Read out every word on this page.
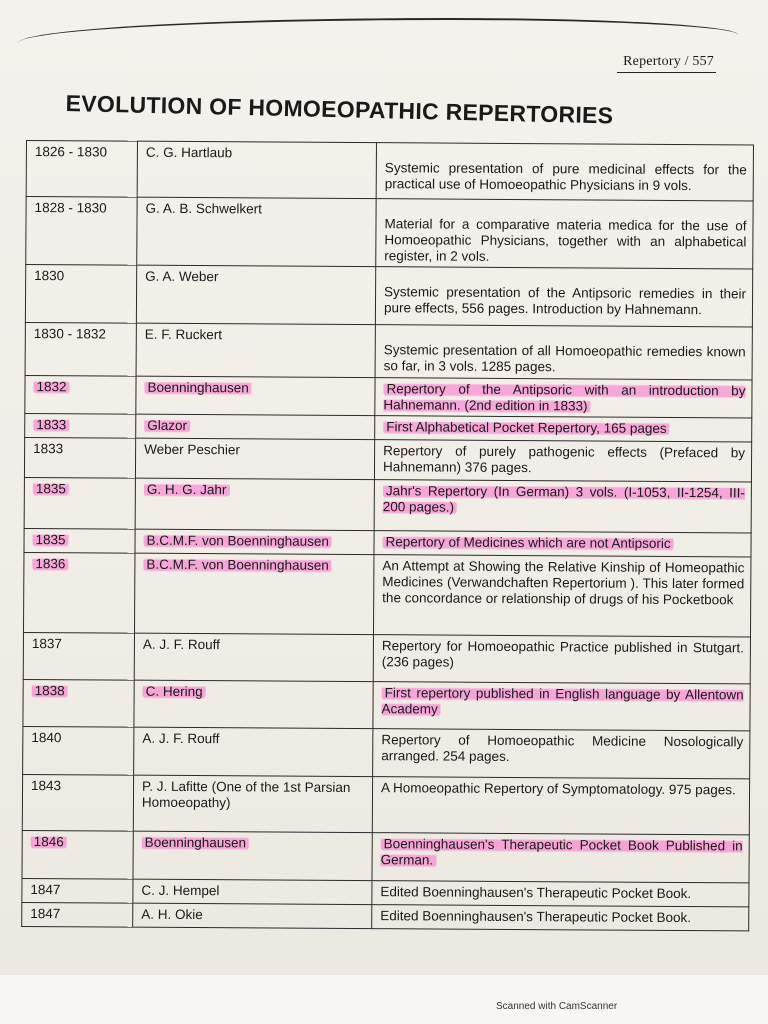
Repertory / 557
EVOLUTION OF HOMOEOPATHIC REPERTORIES
1826 - 1830	C. G. Hartlaub	Systemic presentation of pure medicinal effects for the practical use of Homoeopathic Physicians in 9 vols.

1828 - 1830	G. A. B. Schwelkert	Material for a comparative materia medica for the use of Homoeopathic Physicians, together with an alphabetical register, in 2 vols.

1830	G. A. Weber	Systemic presentation of the Antipsoric remedies in their pure effects, 556 pages. Introduction by Hahnemann.

1830 - 1832	E. F. Ruckert	Systemic presentation of all Homoeopathic remedies known so far, in 3 vols. 1285 pages.

1832	Boenninghausen	Repertory of the Antipsoric with an introduction by Hahnemann. (2nd edition in 1833)

1833	Glazor	First Alphabetical Pocket Repertory, 165 pages

1833	Weber Peschier	Repertory of purely pathogenic effects (Prefaced by Hahnemann) 376 pages.

1835	G. H. G. Jahr	Jahr's Repertory (In German) 3 vols. (I-1053, II-1254, III-200 pages.)

1835	B.C.M.F. von Boenninghausen	Repertory of Medicines which are not Antipsoric

1836	B.C.M.F. von Boenninghausen	An Attempt at Showing the Relative Kinship of Homeopathic Medicines (Verwandchaften Repertorium ). This later formed the concordance or relationship of drugs of his Pocketbook

1837	A. J. F. Rouff	Repertory for Homoeopathic Practice published in Stutgart. (236 pages)

1838	C. Hering	First repertory published in English language by Allentown Academy

1840	A. J. F. Rouff	Repertory of Homoeopathic Medicine Nosologically arranged. 254 pages.

1843	P. J. Lafitte (One of the 1st Parsian Homoeopathy)	A Homoeopathic Repertory of Symptomatology. 975 pages.

1846	Boenninghausen	Boenninghausen's Therapeutic Pocket Book Published in German.

1847	C. J. Hempel	Edited Boenninghausen's Therapeutic Pocket Book.

1847	A. H. Okie	Edited Boenninghausen's Therapeutic Pocket Book.
Scanned with CamScanner
